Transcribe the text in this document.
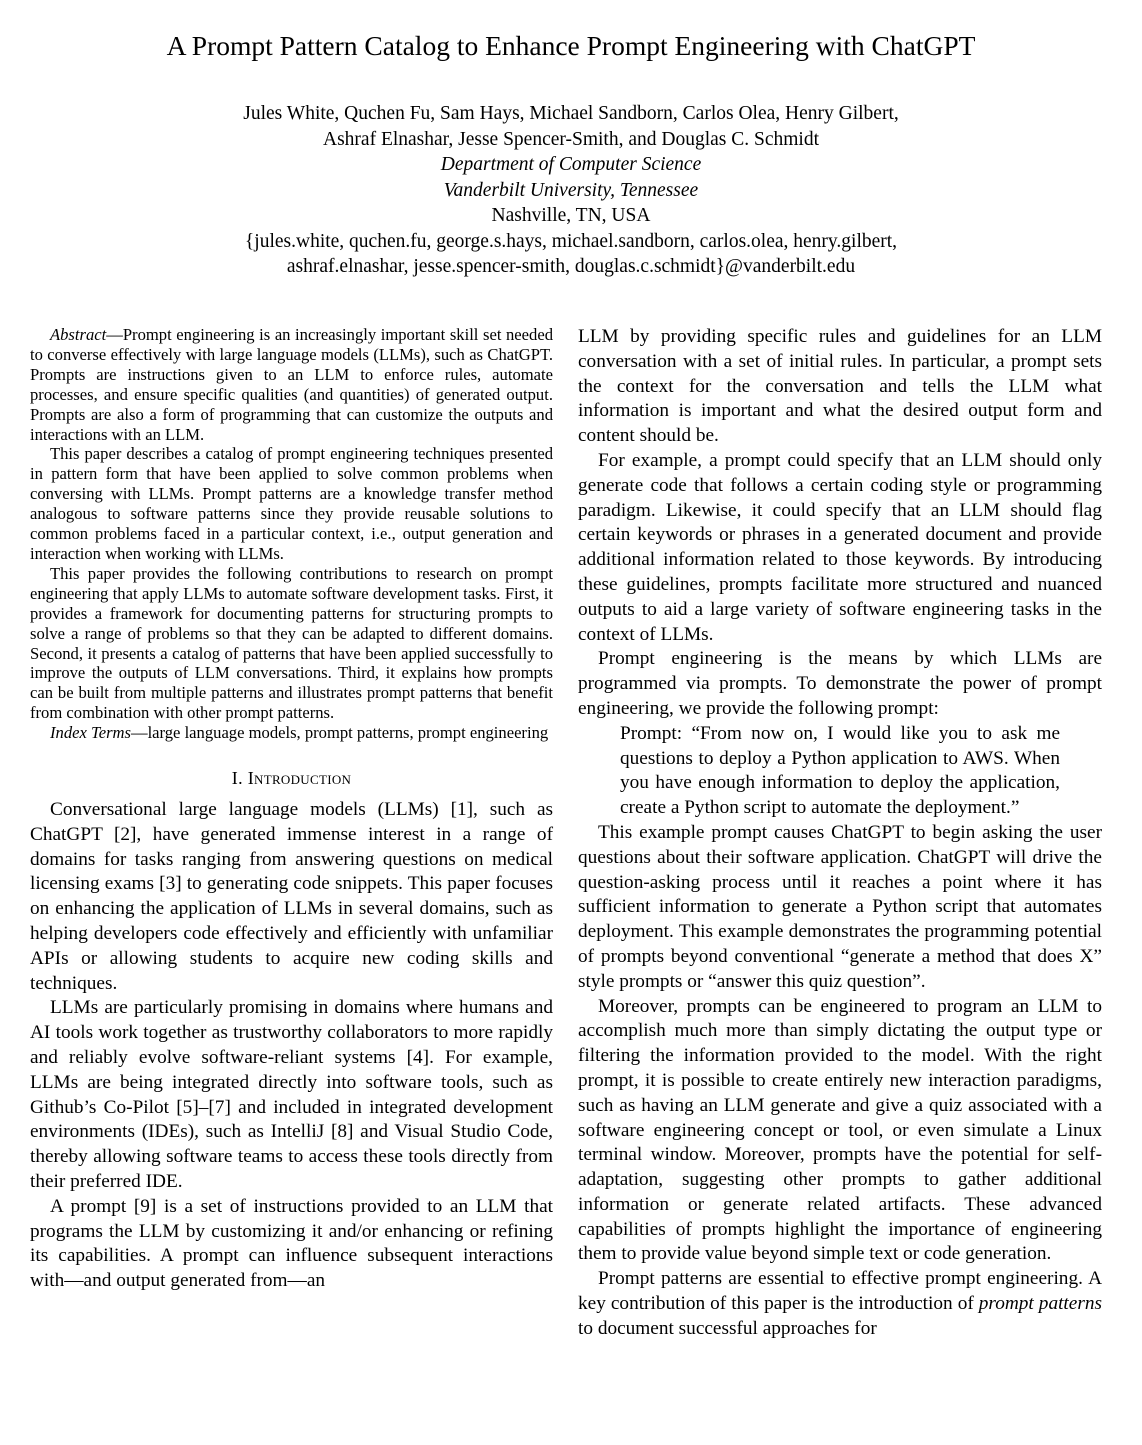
A Prompt Pattern Catalog to Enhance Prompt Engineering with ChatGPT
Jules White, Quchen Fu, Sam Hays, Michael Sandborn, Carlos Olea, Henry Gilbert,
Ashraf Elnashar, Jesse Spencer-Smith, and Douglas C. Schmidt
Department of Computer Science
Vanderbilt University, Tennessee
Nashville, TN, USA
{jules.white, quchen.fu, george.s.hays, michael.sandborn, carlos.olea, henry.gilbert,
ashraf.elnashar, jesse.spencer-smith, douglas.c.schmidt}@vanderbilt.edu

Abstract—Prompt engineering is an increasingly important skill set needed to converse effectively with large language models (LLMs), such as ChatGPT. Prompts are instructions given to an LLM to enforce rules, automate processes, and ensure specific qualities (and quantities) of generated output. Prompts are also a form of programming that can customize the outputs and interactions with an LLM.

This paper describes a catalog of prompt engineering techniques presented in pattern form that have been applied to solve common problems when conversing with LLMs. Prompt patterns are a knowledge transfer method analogous to software patterns since they provide reusable solutions to common problems faced in a particular context, i.e., output generation and interaction when working with LLMs.

This paper provides the following contributions to research on prompt engineering that apply LLMs to automate software development tasks. First, it provides a framework for documenting patterns for structuring prompts to solve a range of problems so that they can be adapted to different domains. Second, it presents a catalog of patterns that have been applied successfully to improve the outputs of LLM conversations. Third, it explains how prompts can be built from multiple patterns and illustrates prompt patterns that benefit from combination with other prompt patterns.

Index Terms—large language models, prompt patterns, prompt engineering

I. Introduction

Conversational large language models (LLMs) [1], such as ChatGPT [2], have generated immense interest in a range of domains for tasks ranging from answering questions on medical licensing exams [3] to generating code snippets. This paper focuses on enhancing the application of LLMs in several domains, such as helping developers code effectively and efficiently with unfamiliar APIs or allowing students to acquire new coding skills and techniques.

LLMs are particularly promising in domains where humans and AI tools work together as trustworthy collaborators to more rapidly and reliably evolve software-reliant systems [4]. For example, LLMs are being integrated directly into software tools, such as Github’s Co-Pilot [5]–[7] and included in integrated development environments (IDEs), such as IntelliJ [8] and Visual Studio Code, thereby allowing software teams to access these tools directly from their preferred IDE.

A prompt [9] is a set of instructions provided to an LLM that programs the LLM by customizing it and/or enhancing or refining its capabilities. A prompt can influence subsequent interactions with—and output generated from—an

LLM by providing specific rules and guidelines for an LLM conversation with a set of initial rules. In particular, a prompt sets the context for the conversation and tells the LLM what information is important and what the desired output form and content should be.

For example, a prompt could specify that an LLM should only generate code that follows a certain coding style or programming paradigm. Likewise, it could specify that an LLM should flag certain keywords or phrases in a generated document and provide additional information related to those keywords. By introducing these guidelines, prompts facilitate more structured and nuanced outputs to aid a large variety of software engineering tasks in the context of LLMs.

Prompt engineering is the means by which LLMs are programmed via prompts. To demonstrate the power of prompt engineering, we provide the following prompt:

Prompt: “From now on, I would like you to ask me questions to deploy a Python application to AWS. When you have enough information to deploy the application, create a Python script to automate the deployment.”

This example prompt causes ChatGPT to begin asking the user questions about their software application. ChatGPT will drive the question-asking process until it reaches a point where it has sufficient information to generate a Python script that automates deployment. This example demonstrates the programming potential of prompts beyond conventional “generate a method that does X” style prompts or “answer this quiz question”.

Moreover, prompts can be engineered to program an LLM to accomplish much more than simply dictating the output type or filtering the information provided to the model. With the right prompt, it is possible to create entirely new interaction paradigms, such as having an LLM generate and give a quiz associated with a software engineering concept or tool, or even simulate a Linux terminal window. Moreover, prompts have the potential for self-adaptation, suggesting other prompts to gather additional information or generate related artifacts. These advanced capabilities of prompts highlight the importance of engineering them to provide value beyond simple text or code generation.

Prompt patterns are essential to effective prompt engineering. A key contribution of this paper is the introduction of prompt patterns to document successful approaches for
